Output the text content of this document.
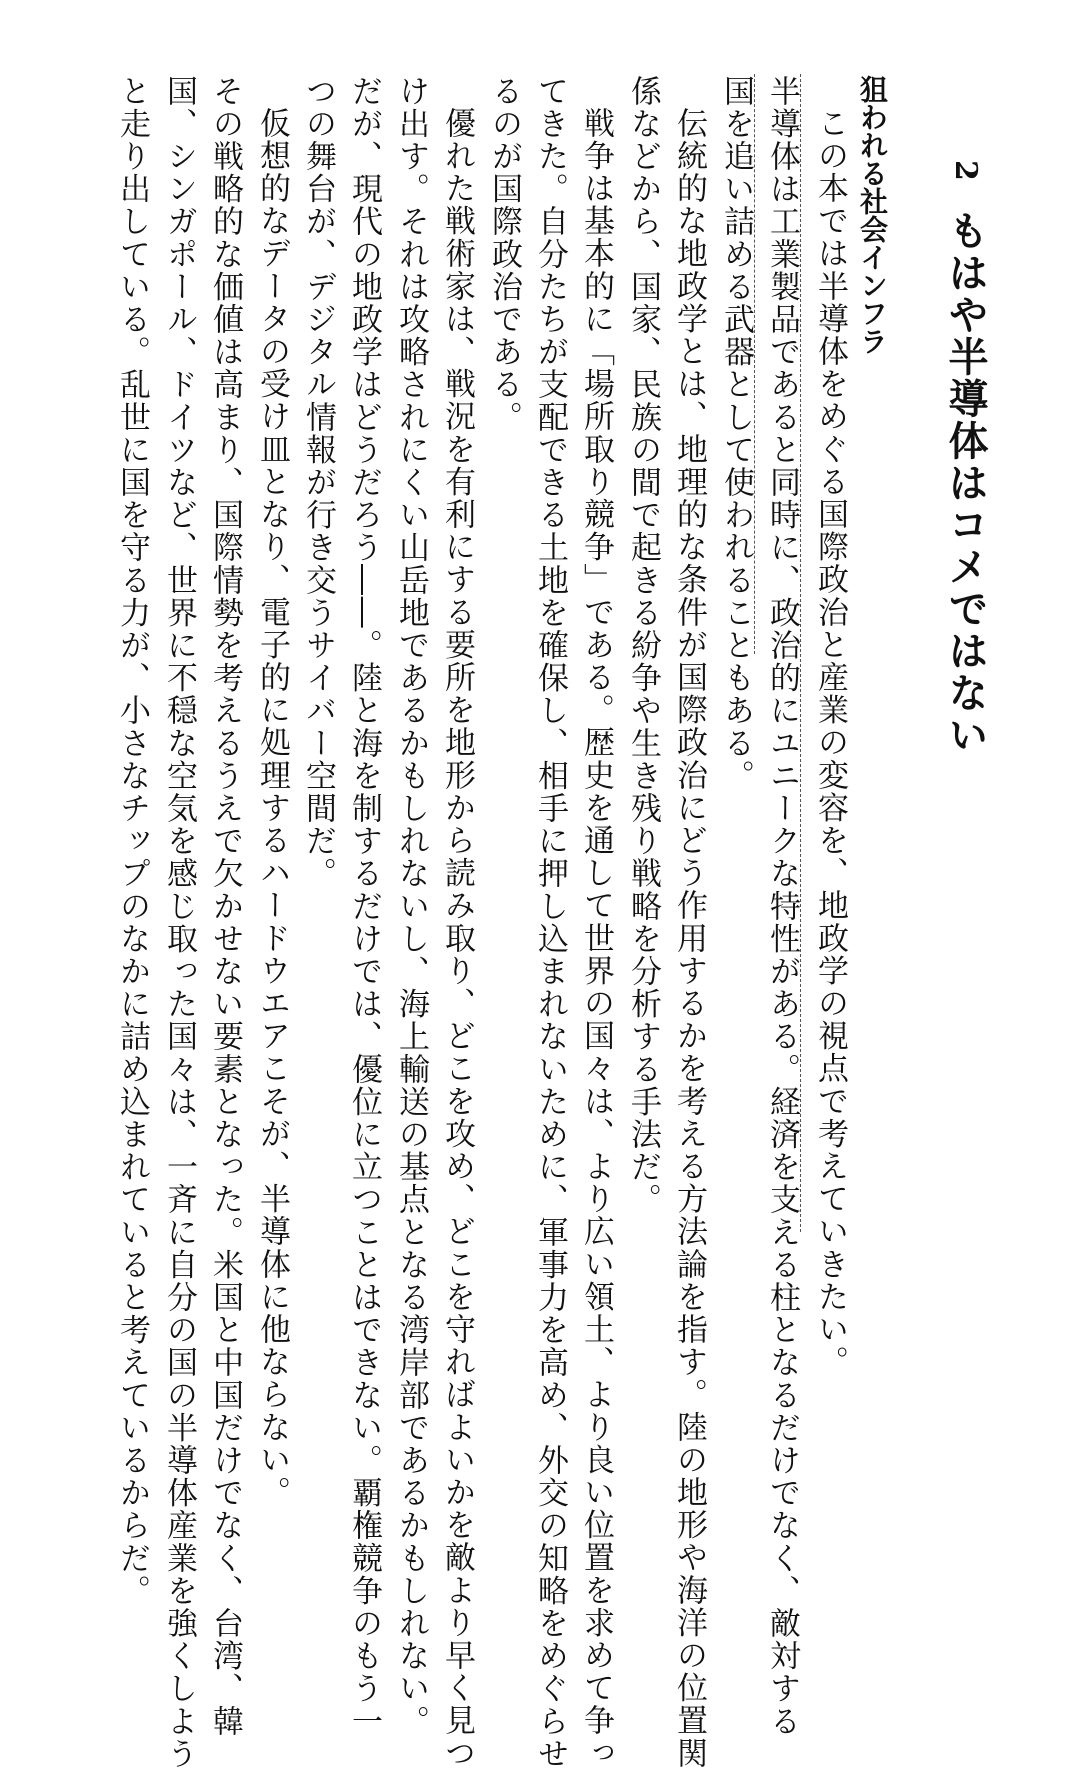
2
もはや半導体はコメではない
狙われる社会インフラ
この本では半導体をめぐる国際政治と産業の変容を、地政学の視点で考えていきたい。
半導体は工業製品であると同時に、政治的にユニークな特性がある。経済を支える柱となるだけでなく、敵対する
国を追い詰める武器として使われることもある。
伝統的な地政学とは、地理的な条件が国際政治にどう作用するかを考える方法論を指す。陸の地形や海洋の位置関
係などから、国家、民族の間で起きる紛争や生き残り戦略を分析する手法だ。
戦争は基本的に「場所取り競争」である。歴史を通して世界の国々は、より広い領土、より良い位置を求めて争っ
てきた。自分たちが支配できる土地を確保し、相手に押し込まれないために、軍事力を高め、外交の知略をめぐらせ
るのが国際政治である。
優れた戦術家は、戦況を有利にする要所を地形から読み取り、どこを攻め、どこを守ればよいかを敵より早く見つ
け出す。それは攻略されにくい山岳地であるかもしれないし、海上輸送の基点となる湾岸部であるかもしれない。
だが、現代の地政学はどうだろう――。陸と海を制するだけでは、優位に立つことはできない。覇権競争のもう一
つの舞台が、デジタル情報が行き交うサイバー空間だ。
仮想的なデータの受け皿となり、電子的に処理するハードウエアこそが、半導体に他ならない。
その戦略的な価値は高まり、国際情勢を考えるうえで欠かせない要素となった。米国と中国だけでなく、台湾、韓
国、シンガポール、ドイツなど、世界に不穏な空気を感じ取った国々は、一斉に自分の国の半導体産業を強くしよう
と走り出している。乱世に国を守る力が、小さなチップのなかに詰め込まれていると考えているからだ。
